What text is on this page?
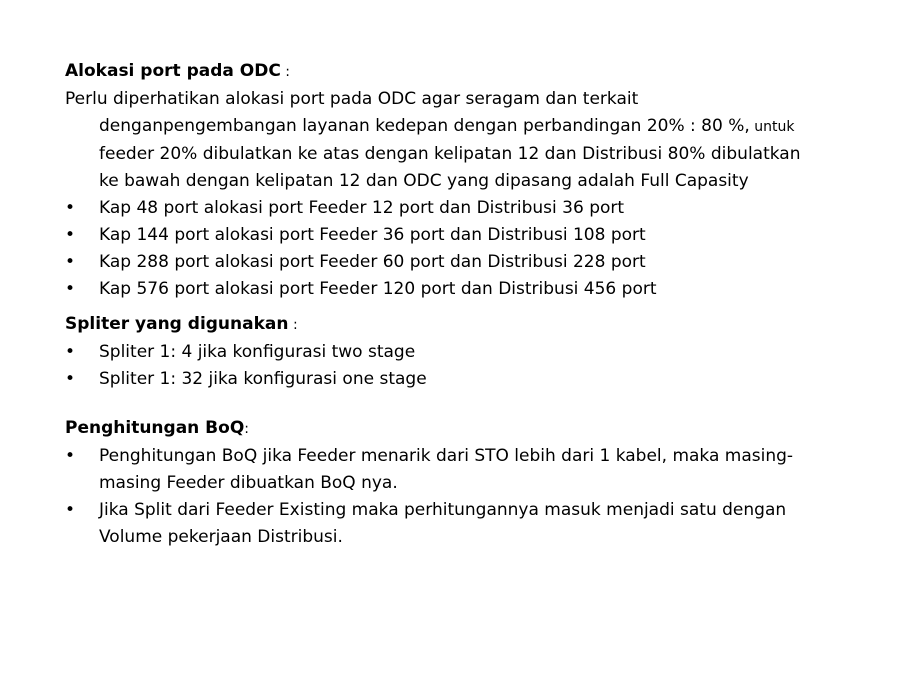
Alokasi port pada ODC :

Perlu diperhatikan alokasi port pada ODC agar seragam dan terkait

denganpengembangan layanan kedepan dengan perbandingan 20% : 80 %, untuk

feeder 20% dibulatkan ke atas dengan kelipatan 12 dan Distribusi 80% dibulatkan

ke bawah dengan kelipatan 12 dan ODC yang dipasang adalah Full Capasity

• Kap 48 port alokasi port Feeder 12 port dan Distribusi 36 port
• Kap 144 port alokasi port Feeder 36 port dan Distribusi 108 port
• Kap 288 port alokasi port Feeder 60 port dan Distribusi 228 port
• Kap 576 port alokasi port Feeder 120 port dan Distribusi 456 port
Spliter yang digunakan :
• Spliter 1: 4 jika konfigurasi two stage
• Spliter 1: 32 jika konfigurasi one stage
Penghitungan BoQ:
• Penghitungan BoQ jika Feeder menarik dari STO lebih dari 1 kabel, maka masing-
masing Feeder dibuatkan BoQ nya.
• Jika Split dari Feeder Existing maka perhitungannya masuk menjadi satu dengan
Volume pekerjaan Distribusi.
